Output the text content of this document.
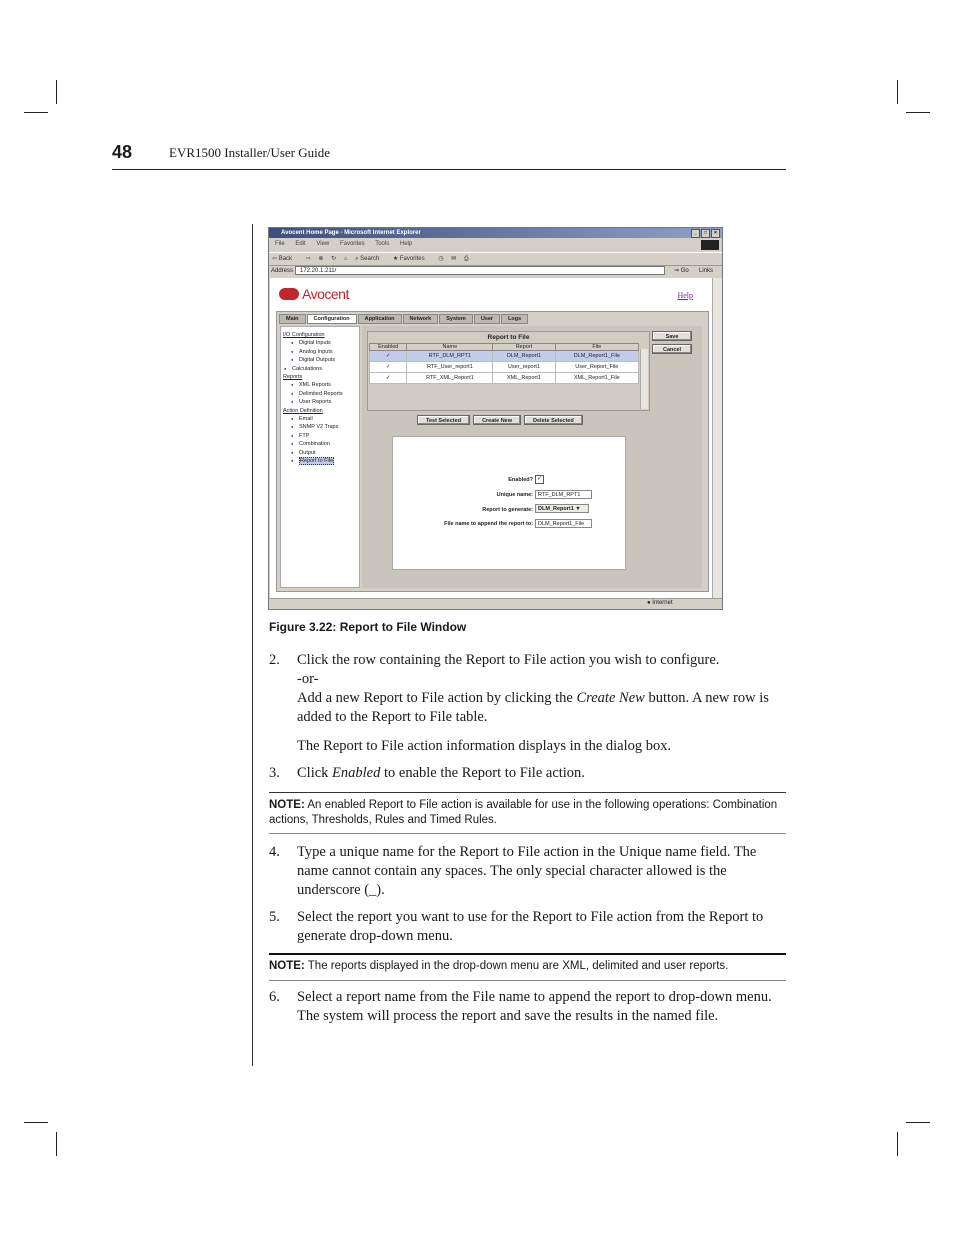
48	EVR1500 Installer/User Guide
Avocent Home Page - Microsoft Internet Explorer	_	□	×
File Edit View Favorites Tools Help
⇦ Back ⇨ ⊗ ↻ ⌂ ⌕ Search ★ Favorites ◷ ✉ ⎙
Address	172.20.1.211/	⇒ Go Links
Avocent	Help
Main	Configuration	Application	Network	System	User	Logs
I/O Configuration
● Digital Inputs
● Analog Inputs
● Digital Outputs
● Calculations
Reports
● XML Reports
● Delimited Reports
● User Reports
Action Definition
● Email
● SNMP V2 Traps
● FTP
● Combination
● Output
● Report to File
Report to File
Enabled	Name	Report	File
✓	RTF_DLM_RPT1	DLM_Report1	DLM_Report1_File
✓	RTF_User_report1	User_report1	User_Report_File
✓	RTF_XML_Report1	XML_Report1	XML_Report1_File
Save
Cancel
Test Selected	Create New	Delete Selected
Enabled? ✓
Unique name: RTF_DLM_RPT1
Report to generate: DLM_Report1 ▼
File name to append the report to: DLM_Report1_File
● Internet
Figure 3.22: Report to File Window
2. Click the row containing the Report to File action you wish to configure.
-or-
Add a new Report to File action by clicking the Create New button. A new row is added to the Report to File table.
The Report to File action information displays in the dialog box.
3. Click Enabled to enable the Report to File action.
NOTE: An enabled Report to File action is available for use in the following operations: Combination actions, Thresholds, Rules and Timed Rules.
4. Type a unique name for the Report to File action in the Unique name field. The name cannot contain any spaces. The only special character allowed is the underscore (_).
5. Select the report you want to use for the Report to File action from the Report to generate drop-down menu.
NOTE: The reports displayed in the drop-down menu are XML, delimited and user reports.
6. Select a report name from the File name to append the report to drop-down menu. The system will process the report and save the results in the named file.
